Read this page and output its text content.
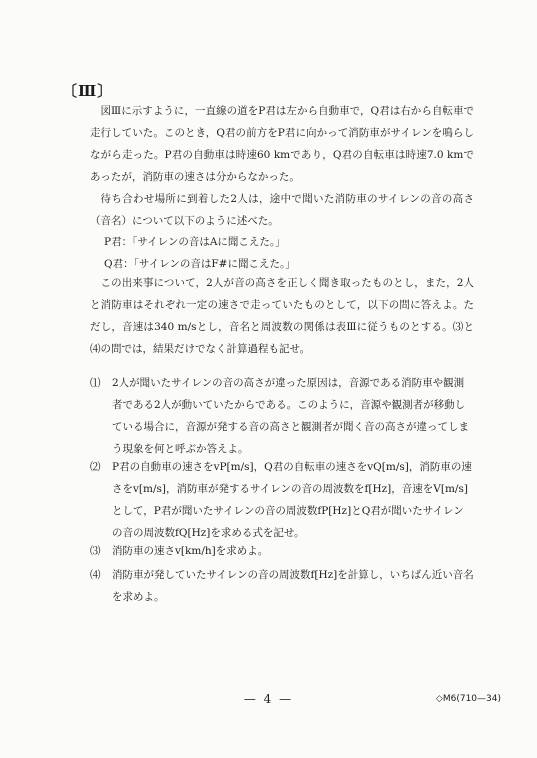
〔Ⅲ〕

図Ⅲに示すように，一直線の道をP君は左から自動車で，Q君は右から自転車で走行していた。このとき，Q君の前方をP君に向かって消防車がサイレンを鳴らしながら走った。P君の自動車は時速60 kmであり，Q君の自転車は時速7.0 kmであったが，消防車の速さは分からなかった。

待ち合わせ場所に到着した2人は，途中で聞いた消防車のサイレンの音の高さ（音名）について以下のように述べた。

P君：「サイレンの音はAに聞こえた。」
Q君：「サイレンの音はF#に聞こえた。」

この出来事について，2人が音の高さを正しく聞き取ったものとし，また，2人と消防車はそれぞれ一定の速さで走っていたものとして，以下の問に答えよ。ただし，音速は340 m/sとし，音名と周波数の関係は表Ⅲに従うものとする。⑶と⑷の問では，結果だけでなく計算過程も記せ。

⑴ 2人が聞いたサイレンの音の高さが違った原因は，音源である消防車や観測者である2人が動いていたからである。このように，音源や観測者が移動している場合に，音源が発する音の高さと観測者が聞く音の高さが違ってしまう現象を何と呼ぶか答えよ。
⑵ P君の自動車の速さをvP[m/s]，Q君の自転車の速さをvQ[m/s]，消防車の速さをv[m/s]，消防車が発するサイレンの音の周波数をf[Hz]，音速をV[m/s]として，P君が聞いたサイレンの音の周波数fP[Hz]とQ君が聞いたサイレンの音の周波数fQ[Hz]を求める式を記せ。
⑶ 消防車の速さv[km/h]を求めよ。
⑷ 消防車が発していたサイレンの音の周波数f[Hz]を計算し，いちばん近い音名を求めよ。
— 4 —	◇M6(710—34)
